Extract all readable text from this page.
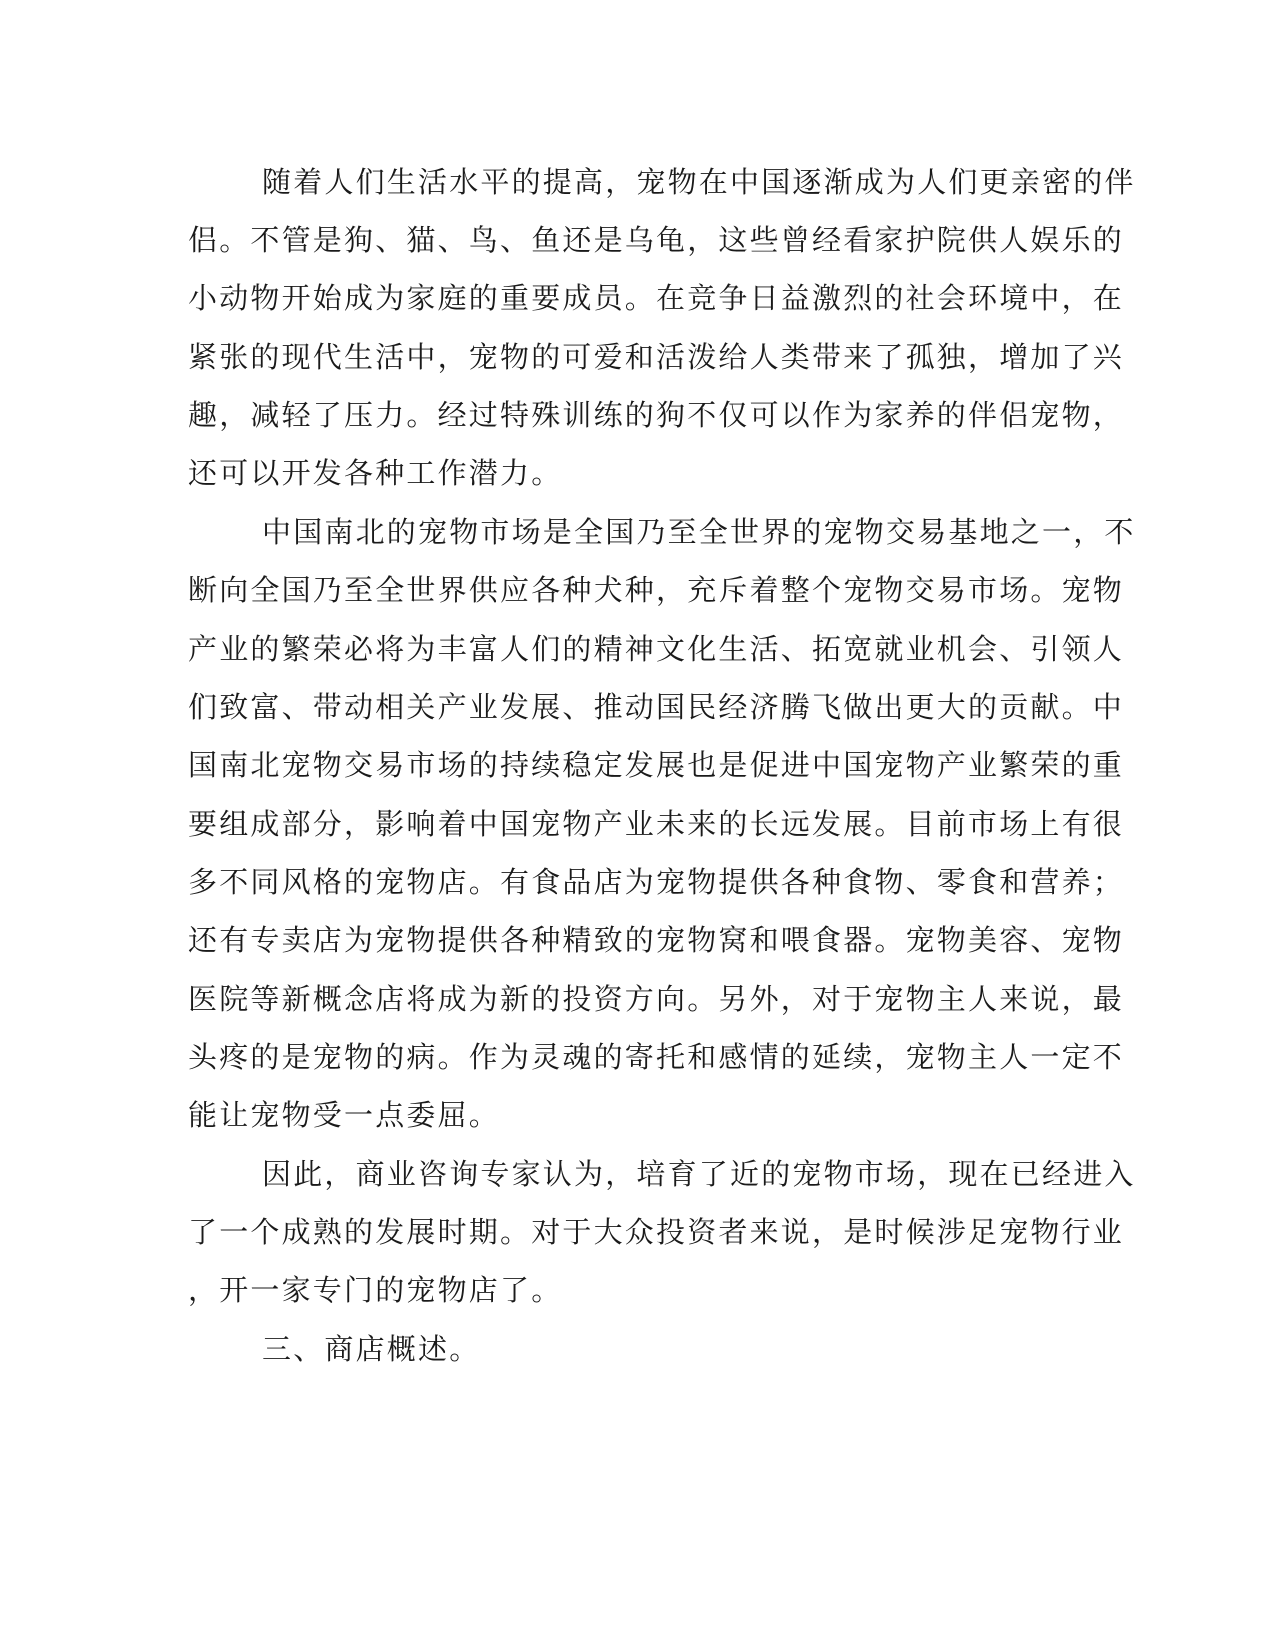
随着人们生活水平的提高，宠物在中国逐渐成为人们更亲密的伴
侣。不管是狗、猫、鸟、鱼还是乌龟，这些曾经看家护院供人娱乐的
小动物开始成为家庭的重要成员。在竞争日益激烈的社会环境中，在
紧张的现代生活中，宠物的可爱和活泼给人类带来了孤独，增加了兴
趣，减轻了压力。经过特殊训练的狗不仅可以作为家养的伴侣宠物，
还可以开发各种工作潜力。
中国南北的宠物市场是全国乃至全世界的宠物交易基地之一，不
断向全国乃至全世界供应各种犬种，充斥着整个宠物交易市场。宠物
产业的繁荣必将为丰富人们的精神文化生活、拓宽就业机会、引领人
们致富、带动相关产业发展、推动国民经济腾飞做出更大的贡献。中
国南北宠物交易市场的持续稳定发展也是促进中国宠物产业繁荣的重
要组成部分，影响着中国宠物产业未来的长远发展。目前市场上有很
多不同风格的宠物店。有食品店为宠物提供各种食物、零食和营养；
还有专卖店为宠物提供各种精致的宠物窝和喂食器。宠物美容、宠物
医院等新概念店将成为新的投资方向。另外，对于宠物主人来说，最
头疼的是宠物的病。作为灵魂的寄托和感情的延续，宠物主人一定不
能让宠物受一点委屈。
因此，商业咨询专家认为，培育了近的宠物市场，现在已经进入
了一个成熟的发展时期。对于大众投资者来说，是时候涉足宠物行业
，开一家专门的宠物店了。
三、商店概述。
